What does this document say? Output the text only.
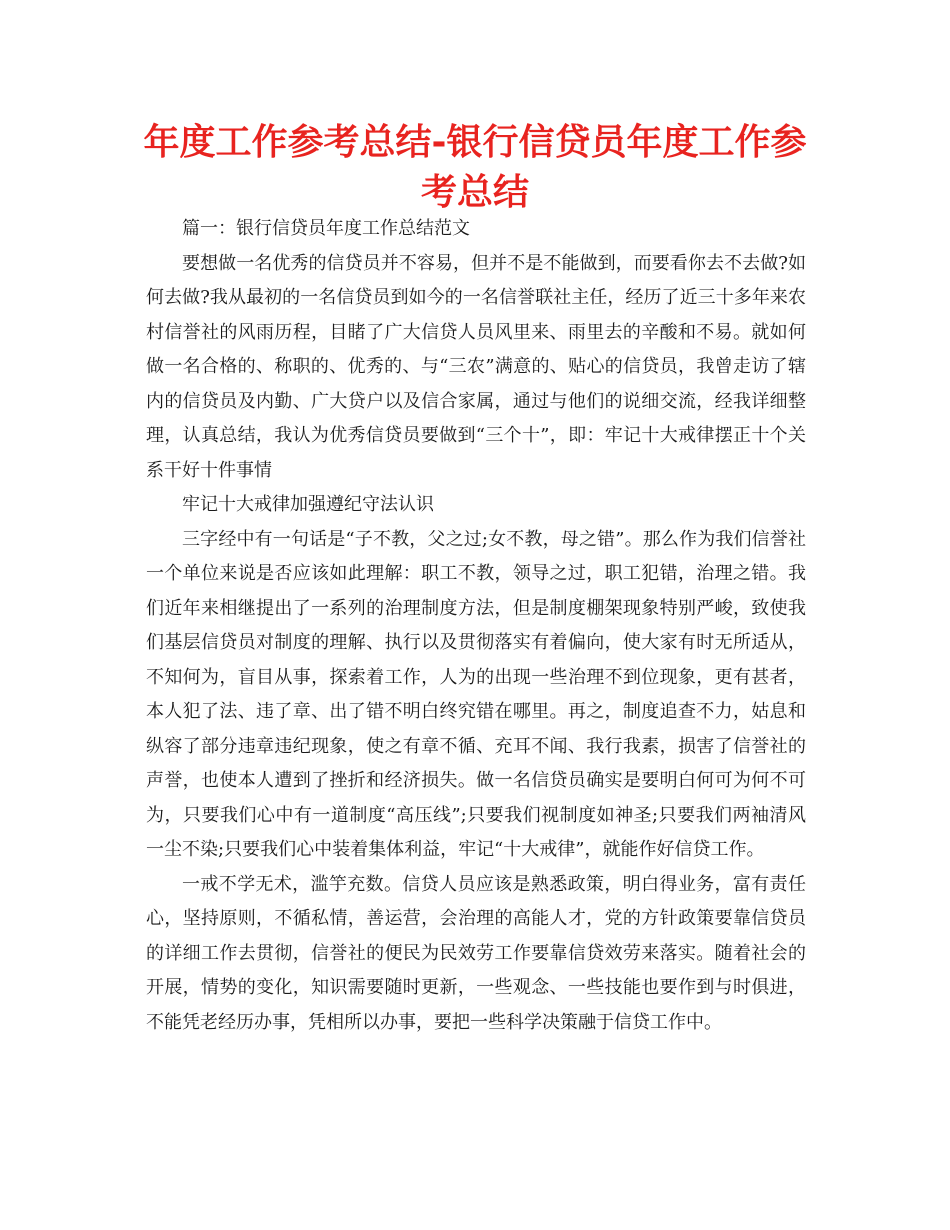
年度工作参考总结-银行信贷员年度工作参考总结

篇一：银行信贷员年度工作总结范文

要想做一名优秀的信贷员并不容易，但并不是不能做到，而要看你去不去做?如何去做?我从最初的一名信贷员到如今的一名信誉联社主任，经历了近三十多年来农村信誉社的风雨历程，目睹了广大信贷人员风里来、雨里去的辛酸和不易。就如何做一名合格的、称职的、优秀的、与“三农”满意的、贴心的信贷员，我曾走访了辖内的信贷员及内勤、广大贷户以及信合家属，通过与他们的说细交流，经我详细整理，认真总结，我认为优秀信贷员要做到“三个十”，即：牢记十大戒律摆正十个关系干好十件事情

牢记十大戒律加强遵纪守法认识

三字经中有一句话是“子不教，父之过;女不教，母之错”。那么作为我们信誉社一个单位来说是否应该如此理解：职工不教，领导之过，职工犯错，治理之错。我们近年来相继提出了一系列的治理制度方法，但是制度棚架现象特别严峻，致使我们基层信贷员对制度的理解、执行以及贯彻落实有着偏向，使大家有时无所适从，不知何为，盲目从事，探索着工作，人为的出现一些治理不到位现象，更有甚者，本人犯了法、违了章、出了错不明白终究错在哪里。再之，制度追查不力，姑息和纵容了部分违章违纪现象，使之有章不循、充耳不闻、我行我素，损害了信誉社的声誉，也使本人遭到了挫折和经济损失。做一名信贷员确实是要明白何可为何不可为，只要我们心中有一道制度“高压线”;只要我们视制度如神圣;只要我们两袖清风一尘不染;只要我们心中装着集体利益，牢记“十大戒律”，就能作好信贷工作。

一戒不学无术，滥竽充数。信贷人员应该是熟悉政策，明白得业务，富有责任心，坚持原则，不循私情，善运营，会治理的高能人才，党的方针政策要靠信贷员的详细工作去贯彻，信誉社的便民为民效劳工作要靠信贷效劳来落实。随着社会的开展，情势的变化，知识需要随时更新，一些观念、一些技能也要作到与时俱进，不能凭老经历办事，凭相所以办事，要把一些科学决策融于信贷工作中。
